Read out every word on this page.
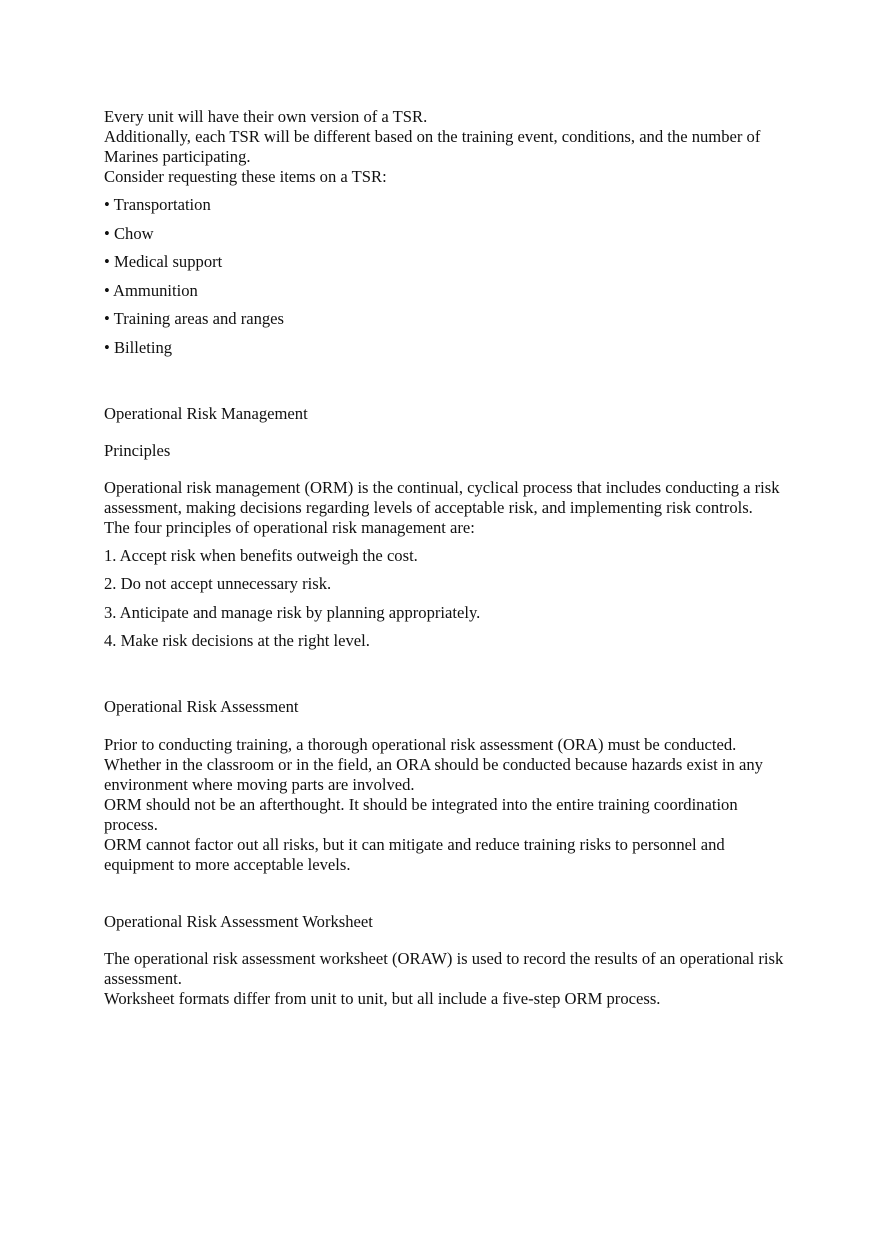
Every unit will have their own version of a TSR.

Additionally, each TSR will be different based on the training event, conditions, and the number of Marines participating.

Consider requesting these items on a TSR:

• Transportation

• Chow

• Medical support

• Ammunition

• Training areas and ranges

• Billeting

Operational Risk Management

Principles

Operational risk management (ORM) is the continual, cyclical process that includes conducting a risk assessment, making decisions regarding levels of acceptable risk, and implementing risk controls.

The four principles of operational risk management are:

1. Accept risk when benefits outweigh the cost.

2. Do not accept unnecessary risk.

3. Anticipate and manage risk by planning appropriately.

4. Make risk decisions at the right level.

Operational Risk Assessment

Prior to conducting training, a thorough operational risk assessment (ORA) must be conducted. Whether in the classroom or in the field, an ORA should be conducted because hazards exist in any environment where moving parts are involved.

ORM should not be an afterthought. It should be integrated into the entire training coordination process.

ORM cannot factor out all risks, but it can mitigate and reduce training risks to personnel and equipment to more acceptable levels.

Operational Risk Assessment Worksheet

The operational risk assessment worksheet (ORAW) is used to record the results of an operational risk assessment.

Worksheet formats differ from unit to unit, but all include a five-step ORM process.
